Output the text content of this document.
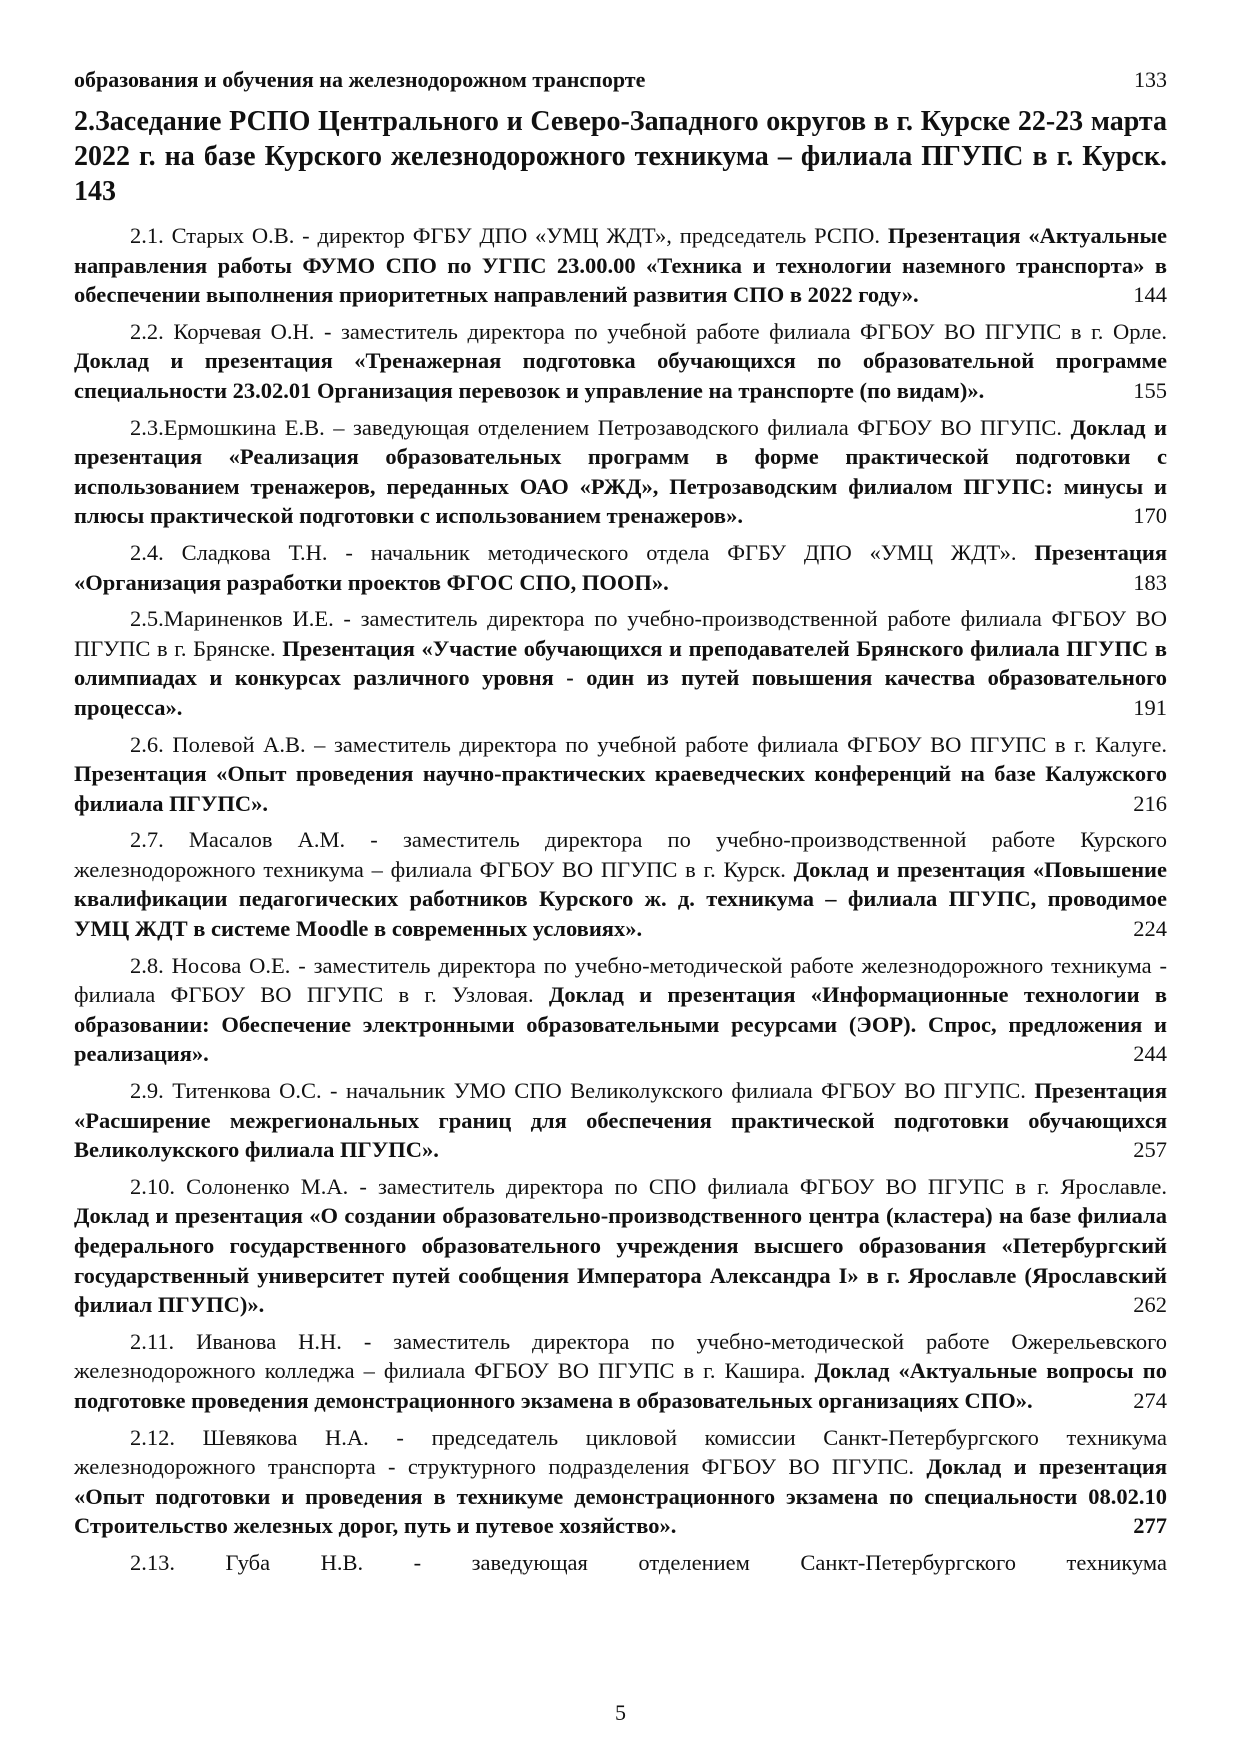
образования и обучения на железнодорожном транспорте	133
2.Заседание РСПО Центрального и Северо-Западного округов в г. Курске 22-23 марта 2022 г. на базе Курского железнодорожного техникума – филиала ПГУПС в г. Курск. 143

2.1. Старых О.В. - директор ФГБУ ДПО «УМЦ ЖДТ», председатель РСПО. Презентация «Актуальные направления работы ФУМО СПО по УГПС 23.00.00 «Техника и технологии наземного транспорта» в обеспечении выполнения приоритетных направлений развития СПО в 2022 году».	144

2.2. Корчевая О.Н. - заместитель директора по учебной работе филиала ФГБОУ ВО ПГУПС в г. Орле. Доклад и презентация «Тренажерная подготовка обучающихся по образовательной программе специальности 23.02.01 Организация перевозок и управление на транспорте (по видам)».	155

2.3.Ермошкина Е.В. – заведующая отделением Петрозаводского филиала ФГБОУ ВО ПГУПС. Доклад и презентация «Реализация образовательных программ в форме практической подготовки с использованием тренажеров, переданных ОАО «РЖД», Петрозаводским филиалом ПГУПС: минусы и плюсы практической подготовки с использованием тренажеров».	170

2.4. Сладкова Т.Н. - начальник методического отдела ФГБУ ДПО «УМЦ ЖДТ». Презентация «Организация разработки проектов ФГОС СПО, ПООП».	183

2.5.Мариненков И.Е. - заместитель директора по учебно-производственной работе филиала ФГБОУ ВО ПГУПС в г. Брянске. Презентация «Участие обучающихся и преподавателей Брянского филиала ПГУПС в олимпиадах и конкурсах различного уровня - один из путей повышения качества образовательного процесса».	191

2.6. Полевой А.В. – заместитель директора по учебной работе филиала ФГБОУ ВО ПГУПС в г. Калуге. Презентация «Опыт проведения научно-практических краеведческих конференций на базе Калужского филиала ПГУПС».	216

2.7. Масалов А.М. - заместитель директора по учебно-производственной работе Курского железнодорожного техникума – филиала ФГБОУ ВО ПГУПС в г. Курск. Доклад и презентация «Повышение квалификации педагогических работников Курского ж. д. техникума – филиала ПГУПС, проводимое УМЦ ЖДТ в системе Moodle в современных условиях».	224

2.8. Носова О.Е. - заместитель директора по учебно-методической работе железнодорожного техникума - филиала ФГБОУ ВО ПГУПС в г. Узловая. Доклад и презентация «Информационные технологии в образовании: Обеспечение электронными образовательными ресурсами (ЭОР). Спрос, предложения и реализация».	244

2.9. Титенкова О.С. - начальник УМО СПО Великолукского филиала ФГБОУ ВО ПГУПС. Презентация «Расширение межрегиональных границ для обеспечения практической подготовки обучающихся Великолукского филиала ПГУПС».	257

2.10. Солоненко М.А. - заместитель директора по СПО филиала ФГБОУ ВО ПГУПС в г. Ярославле. Доклад и презентация «О создании образовательно-производственного центра (кластера) на базе филиала федерального государственного образовательного учреждения высшего образования «Петербургский государственный университет путей сообщения Императора Александра I» в г. Ярославле (Ярославский филиал ПГУПС)».	262

2.11. Иванова Н.Н. - заместитель директора по учебно-методической работе Ожерельевского железнодорожного колледжа – филиала ФГБОУ ВО ПГУПС в г. Кашира. Доклад «Актуальные вопросы по подготовке проведения демонстрационного экзамена в образовательных организациях СПО».	274

2.12. Шевякова Н.А. - председатель цикловой комиссии Санкт-Петербургского техникума железнодорожного транспорта - структурного подразделения ФГБОУ ВО ПГУПС. Доклад и презентация «Опыт подготовки и проведения в техникуме демонстрационного экзамена по специальности 08.02.10 Строительство железных дорог, путь и путевое хозяйство».	277

2.13. Губа Н.В. - заведующая отделением Санкт-Петербургского техникума

5
